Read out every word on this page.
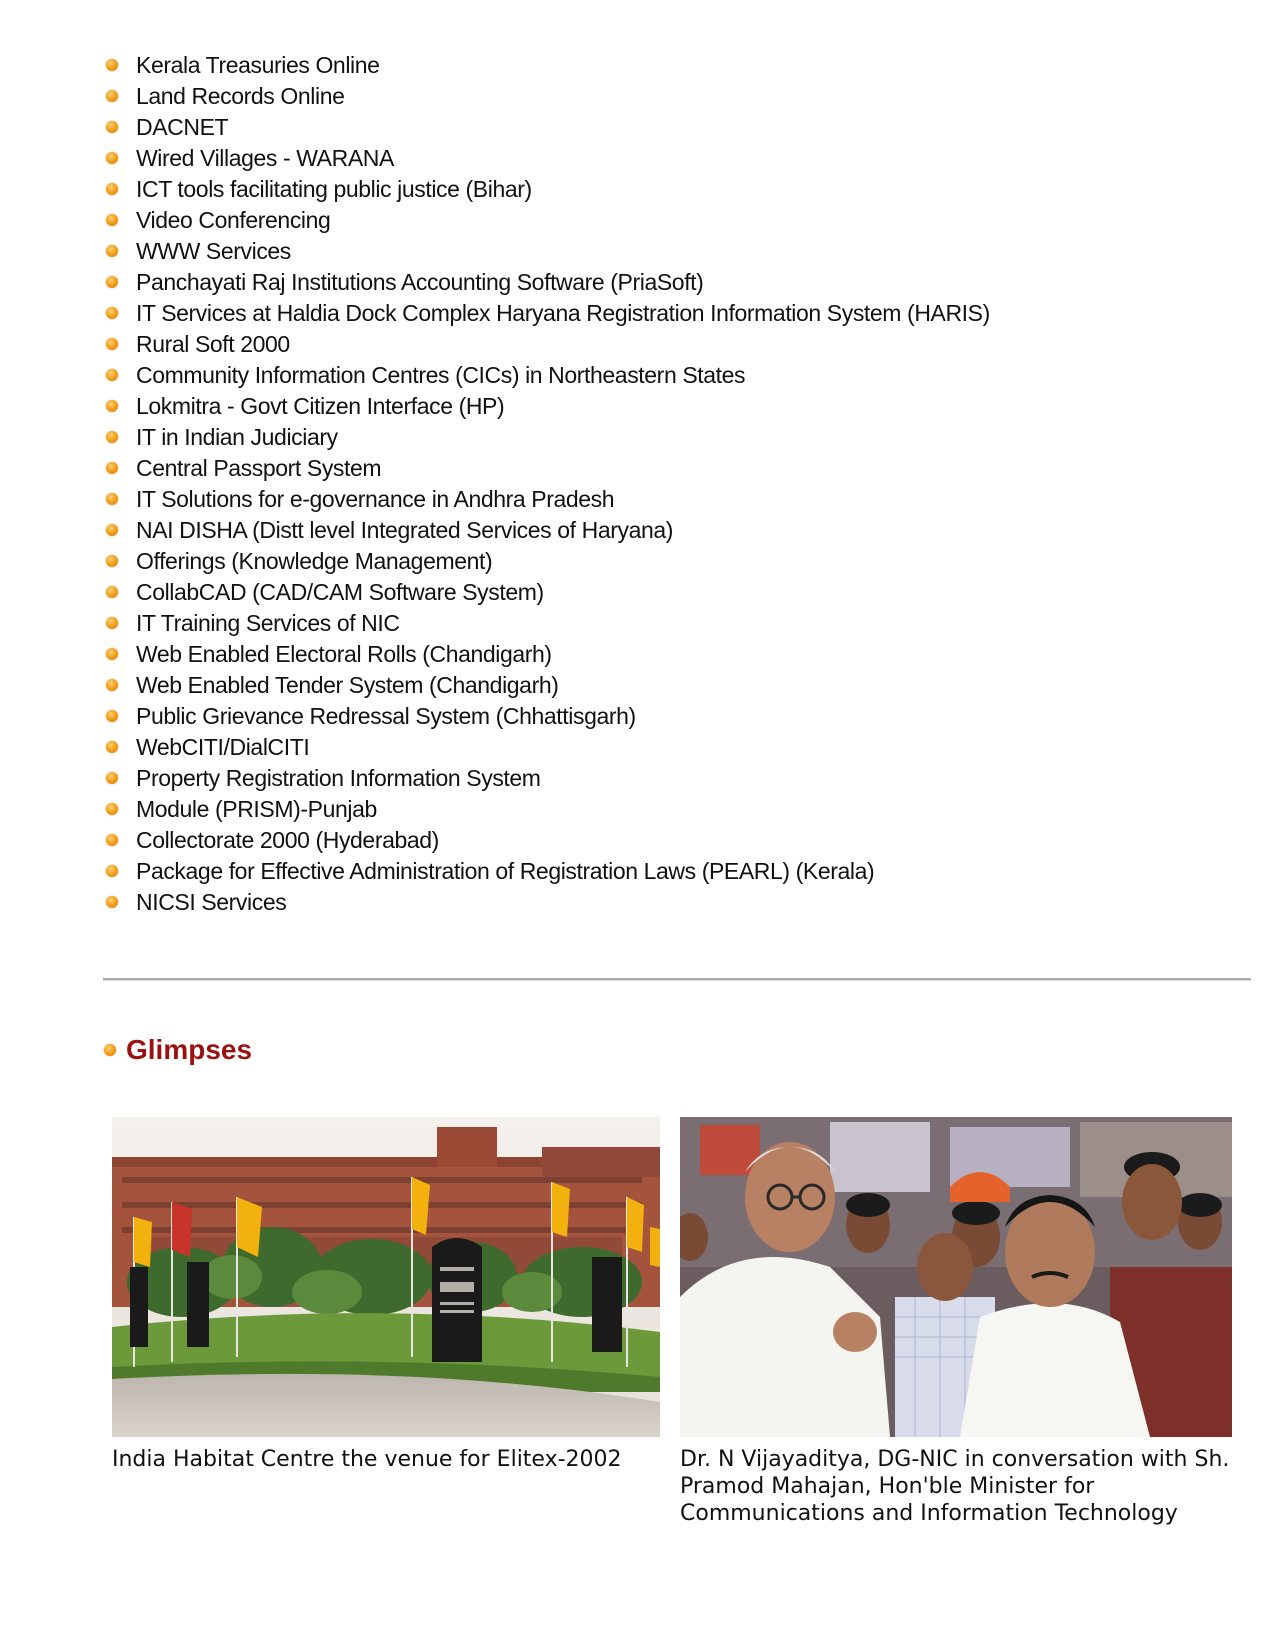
Kerala Treasuries Online
Land Records Online
DACNET
Wired Villages - WARANA
ICT tools facilitating public justice (Bihar)
Video Conferencing
WWW Services
Panchayati Raj Institutions Accounting Software (PriaSoft)
IT Services at Haldia Dock Complex Haryana Registration Information System (HARIS)
Rural Soft 2000
Community Information Centres (CICs) in Northeastern States
Lokmitra - Govt Citizen Interface (HP)
IT in Indian Judiciary
Central Passport System
IT Solutions for e-governance in Andhra Pradesh
NAI DISHA (Distt level Integrated Services of Haryana)
Offerings (Knowledge Management)
CollabCAD (CAD/CAM Software System)
IT Training Services of NIC
Web Enabled Electoral Rolls (Chandigarh)
Web Enabled Tender System (Chandigarh)
Public Grievance Redressal System (Chhattisgarh)
WebCITI/DialCITI
Property Registration Information System
Module (PRISM)-Punjab
Collectorate 2000 (Hyderabad)
Package for Effective Administration of Registration Laws (PEARL) (Kerala)
NICSI Services
Glimpses
India Habitat Centre the venue for Elitex-2002	Dr. N Vijayaditya, DG-NIC in conversation with Sh. Pramod Mahajan, Hon'ble Minister for Communications and Information Technology
